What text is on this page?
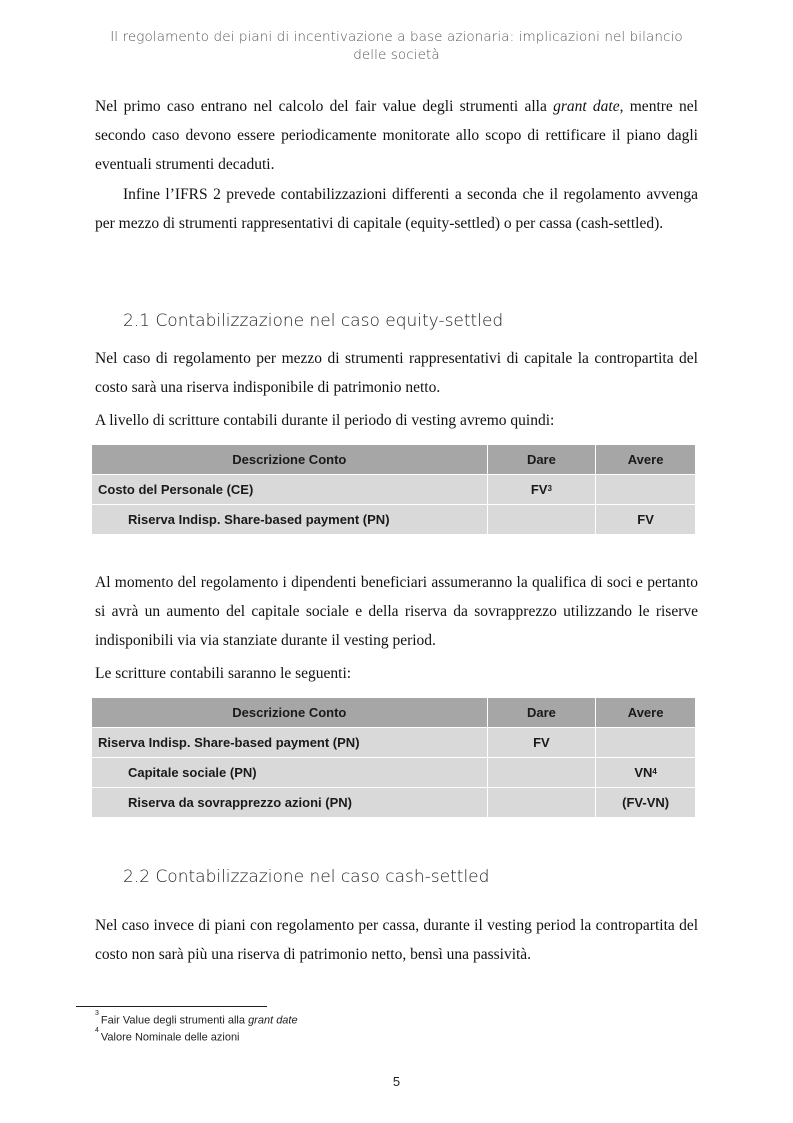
Il regolamento dei piani di incentivazione a base azionaria: implicazioni nel bilancio delle società

Nel primo caso entrano nel calcolo del fair value degli strumenti alla grant date, mentre nel secondo caso devono essere periodicamente monitorate allo scopo di rettificare il piano dagli eventuali strumenti decaduti.

Infine l’IFRS 2 prevede contabilizzazioni differenti a seconda che il regolamento avvenga per mezzo di strumenti rappresentativi di capitale (equity-settled) o per cassa (cash-settled).

2.1 Contabilizzazione nel caso equity-settled

Nel caso di regolamento per mezzo di strumenti rappresentativi di capitale la contropartita del costo sarà una riserva indisponibile di patrimonio netto.

A livello di scritture contabili durante il periodo di vesting avremo quindi:

Descrizione Conto	Dare	Avere
Costo del Personale (CE)	$FV^3$	
Riserva Indisp. Share-based payment (PN)		FV

Al momento del regolamento i dipendenti beneficiari assumeranno la qualifica di soci e pertanto si avrà un aumento del capitale sociale e della riserva da sovrapprezzo utilizzando le riserve indisponibili via via stanziate durante il vesting period.

Le scritture contabili saranno le seguenti:

Descrizione Conto	Dare	Avere
Riserva Indisp. Share-based payment (PN)	FV	
Capitale sociale (PN)		$VN^4$
Riserva da sovrapprezzo azioni (PN)		(FV-VN)
2.2 Contabilizzazione nel caso cash-settled

Nel caso invece di piani con regolamento per cassa, durante il vesting period la contropartita del costo non sarà più una riserva di patrimonio netto, bensì una passività.

$^3$Fair Value degli strumenti alla grant date

$^4$Valore Nominale delle azioni

5
